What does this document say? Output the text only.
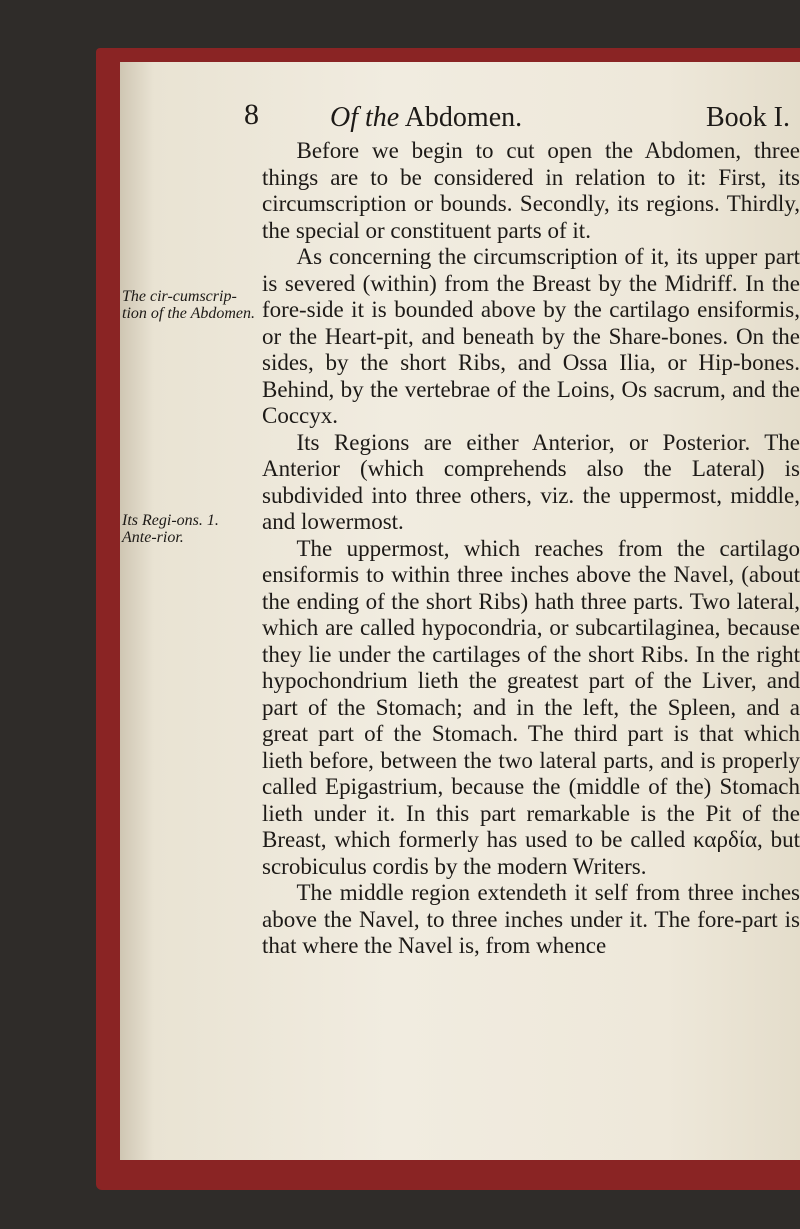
8	Of the Abdomen.	Book I.
The cir-cumscrip-tion of the Abdomen.
Its Regi-ons. 1. Ante-rior.

Before we begin to cut open the Abdomen, three things are to be considered in relation to it: First, its circumscription or bounds. Secondly, its regions. Thirdly, the special or constituent parts of it.

As concerning the circumscription of it, its upper part is severed (within) from the Breast by the Midriff. In the fore-side it is bounded above by the cartilago ensiformis, or the Heart-pit, and beneath by the Share-bones. On the sides, by the short Ribs, and Ossa Ilia, or Hip-bones. Behind, by the vertebrae of the Loins, Os sacrum, and the Coccyx.

Its Regions are either Anterior, or Posterior. The Anterior (which comprehends also the Lateral) is subdivided into three others, viz. the uppermost, middle, and lowermost.

The uppermost, which reaches from the cartilago ensiformis to within three inches above the Navel, (about the ending of the short Ribs) hath three parts. Two lateral, which are called hypocondria, or subcartilaginea, because they lie under the cartilages of the short Ribs. In the right hypochondrium lieth the greatest part of the Liver, and part of the Stomach; and in the left, the Spleen, and a great part of the Stomach. The third part is that which lieth before, between the two lateral parts, and is properly called Epigastrium, because the (middle of the) Stomach lieth under it. In this part remarkable is the Pit of the Breast, which formerly has used to be called καρδία, but scrobiculus cordis by the modern Writers.

The middle region extendeth it self from three inches above the Navel, to three inches under it. The fore-part is that where the Navel is, from whence
